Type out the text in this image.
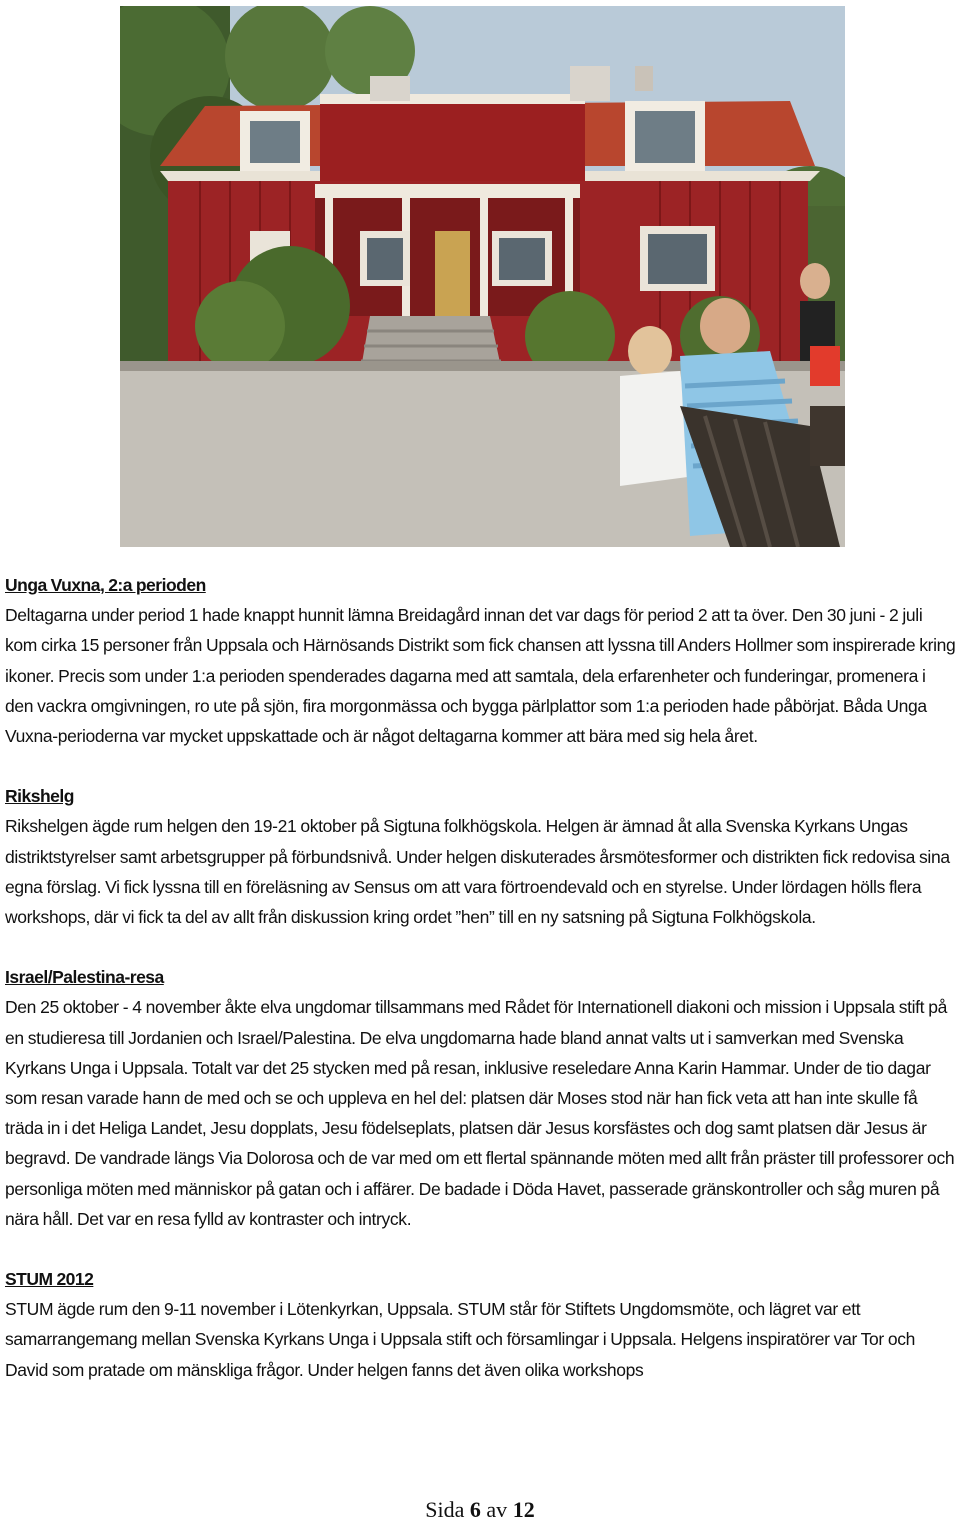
Unga Vuxna, 2:a perioden

Deltagarna under period 1 hade knappt hunnit lämna Breidagård innan det var dags för period 2 att ta över. Den 30 juni - 2 juli kom cirka 15 personer från Uppsala och Härnösands Distrikt som fick chansen att lyssna till Anders Hollmer som inspirerade kring ikoner. Precis som under 1:a perioden spenderades dagarna med att samtala, dela erfarenheter och funderingar, promenera i den vackra omgivningen, ro ute på sjön, fira morgonmässa och bygga pärlplattor som 1:a perioden hade påbörjat. Båda Unga Vuxna-perioderna var mycket uppskattade och är något deltagarna kommer att bära med sig hela året.

Rikshelg

Rikshelgen ägde rum helgen den 19-21 oktober på Sigtuna folkhögskola. Helgen är ämnad åt alla Svenska Kyrkans Ungas distriktstyrelser samt arbetsgrupper på förbundsnivå. Under helgen diskuterades årsmötesformer och distrikten fick redovisa sina egna förslag. Vi fick lyssna till en föreläsning av Sensus om att vara förtroendevald och en styrelse. Under lördagen hölls flera workshops, där vi fick ta del av allt från diskussion kring ordet ”hen” till en ny satsning på Sigtuna Folkhögskola.

Israel/Palestina-resa

Den 25 oktober - 4 november åkte elva ungdomar tillsammans med Rådet för Internationell diakoni och mission i Uppsala stift på en studieresa till Jordanien och Israel/Palestina. De elva ungdomarna hade bland annat valts ut i samverkan med Svenska Kyrkans Unga i Uppsala. Totalt var det 25 stycken med på resan, inklusive reseledare Anna Karin Hammar. Under de tio dagar som resan varade hann de med och se och uppleva en hel del: platsen där Moses stod när han fick veta att han inte skulle få träda in i det Heliga Landet, Jesu dopplats, Jesu födelseplats, platsen där Jesus korsfästes och dog samt platsen där Jesus är begravd. De vandrade längs Via Dolorosa och de var med om ett flertal spännande möten med allt från präster till professorer och personliga möten med människor på gatan och i affärer. De badade i Döda Havet, passerade gränskontroller och såg muren på nära håll. Det var en resa fylld av kontraster och intryck.

STUM 2012

STUM ägde rum den 9-11 november i Lötenkyrkan, Uppsala. STUM står för Stiftets Ungdomsmöte, och lägret var ett samarrangemang mellan Svenska Kyrkans Unga i Uppsala stift och församlingar i Uppsala. Helgens inspiratörer var Tor och David som pratade om mänskliga frågor. Under helgen fanns det även olika workshops

Sida 6 av 12
